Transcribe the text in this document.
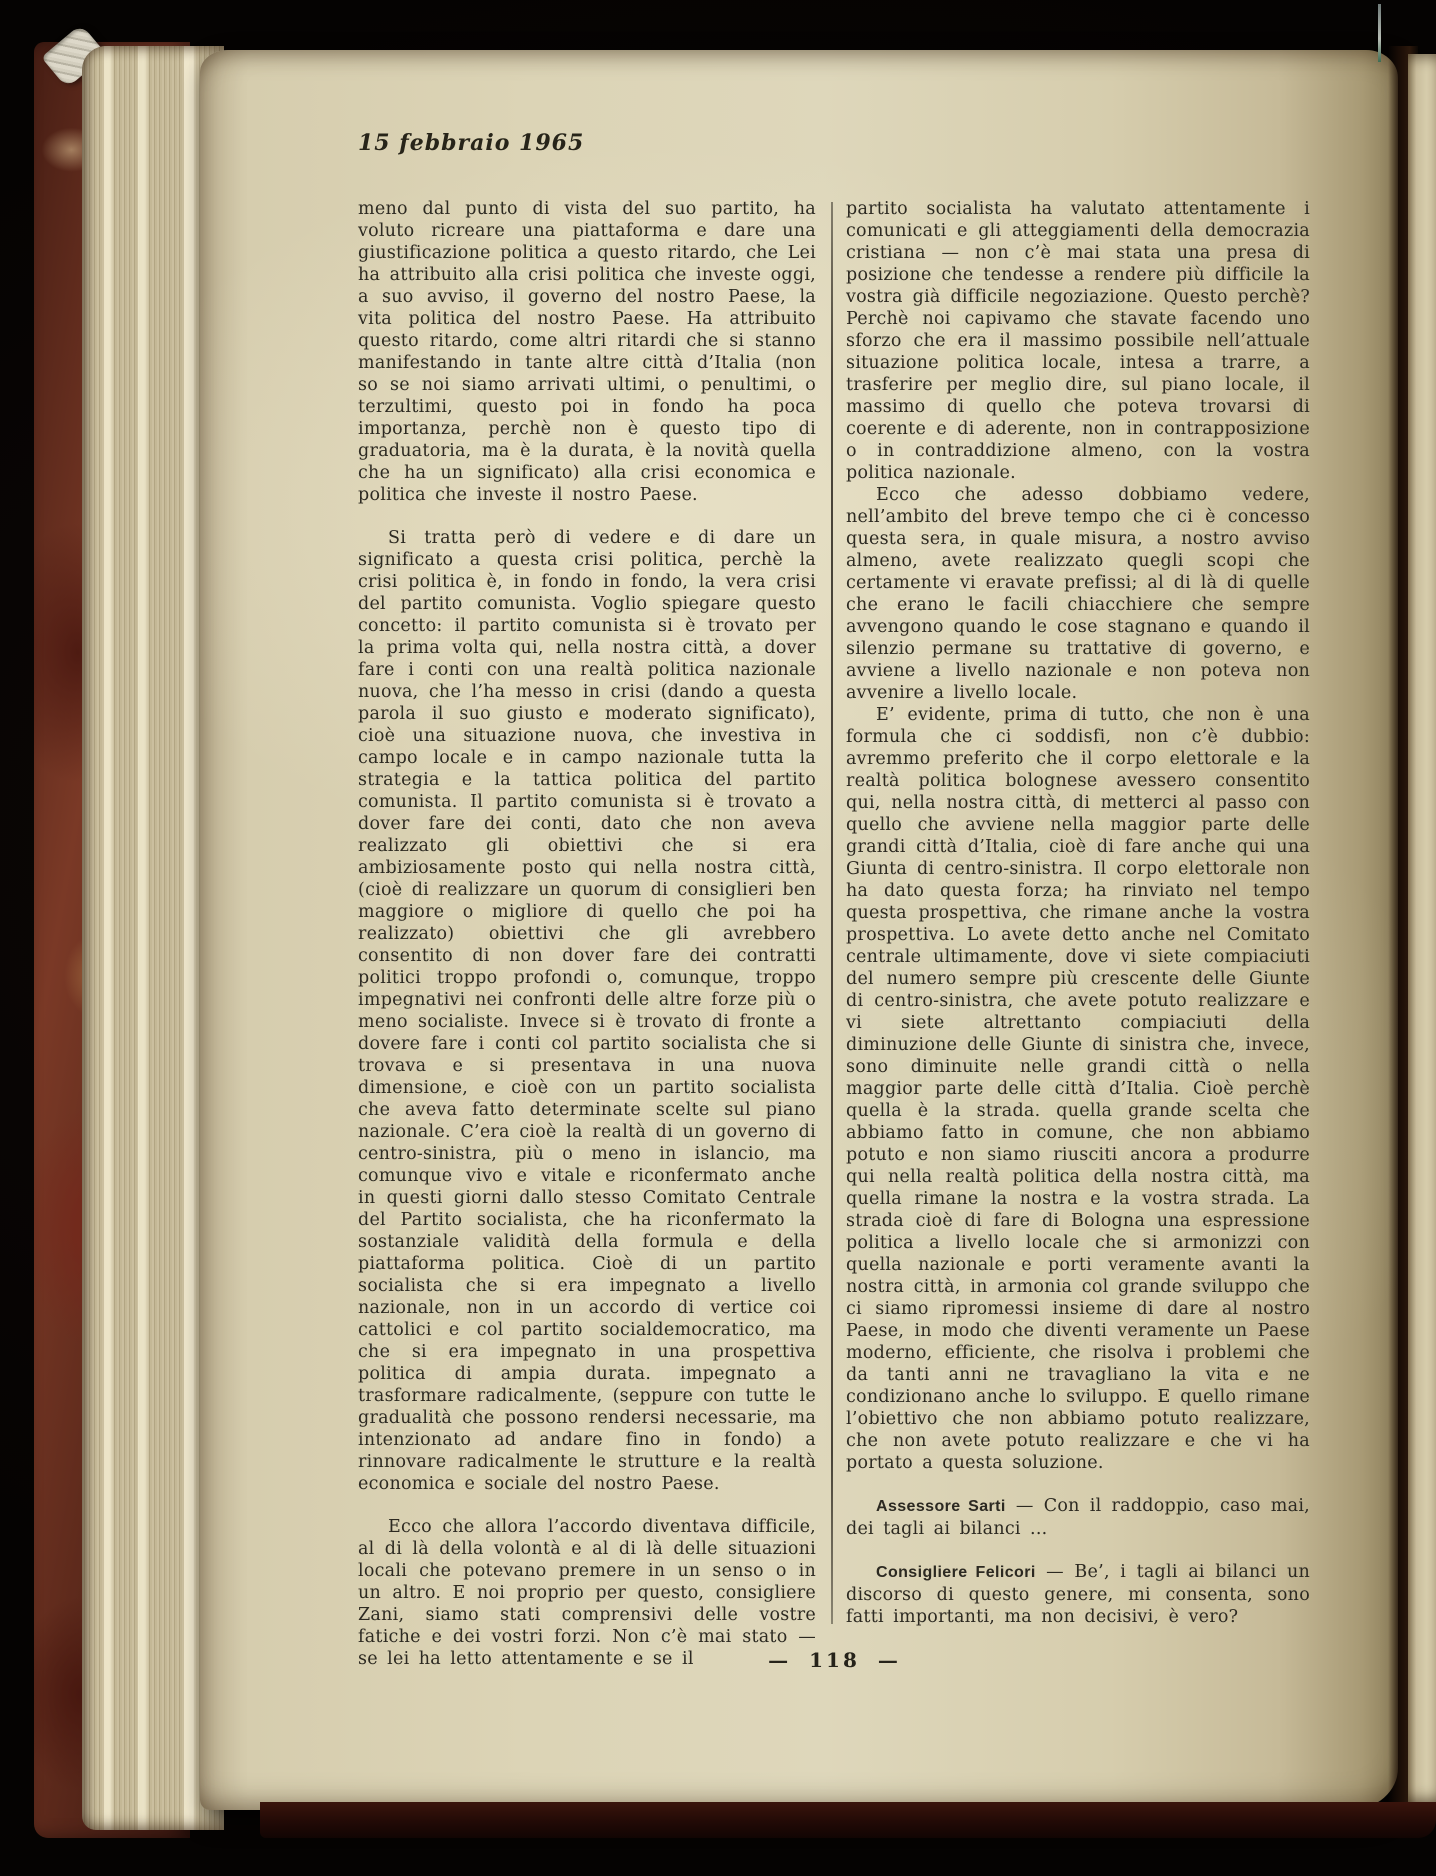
15 febbraio 1965

meno dal punto di vista del suo partito, ha voluto ricreare una piattaforma e dare una giustificazione politica a questo ritardo, che Lei ha attribuito alla crisi politica che investe oggi, a suo avviso, il governo del nostro Paese, la vita politica del nostro Paese. Ha attribuito questo ritardo, come altri ritardi che si stanno manifestando in tante altre città d’Italia (non so se noi siamo arrivati ultimi, o penultimi, o terzultimi, questo poi in fondo ha poca importanza, perchè non è questo tipo di graduatoria, ma è la durata, è la novità quella che ha un significato) alla crisi economica e politica che investe il nostro Paese.

Si tratta però di vedere e di dare un significato a questa crisi politica, perchè la crisi politica è, in fondo in fondo, la vera crisi del partito comunista. Voglio spiegare questo concetto: il partito comunista si è trovato per la prima volta qui, nella nostra città, a dover fare i conti con una realtà politica nazionale nuova, che l’ha messo in crisi (dando a questa parola il suo giusto e moderato significato), cioè una situazione nuova, che investiva in campo locale e in campo nazionale tutta la strategia e la tattica politica del partito comunista. Il partito comunista si è trovato a dover fare dei conti, dato che non aveva realizzato gli obiettivi che si era ambiziosamente posto qui nella nostra città, (cioè di realizzare un quorum di consiglieri ben maggiore o migliore di quello che poi ha realizzato) obiettivi che gli avrebbero consentito di non dover fare dei contratti politici troppo profondi o, comunque, troppo impegnativi nei confronti delle altre forze più o meno socialiste. Invece si è trovato di fronte a dovere fare i conti col partito socialista che si trovava e si presentava in una nuova dimensione, e cioè con un partito socialista che aveva fatto determinate scelte sul piano nazionale. C’era cioè la realtà di un governo di centro-sinistra, più o meno in islancio, ma comunque vivo e vitale e riconfermato anche in questi giorni dallo stesso Comitato Centrale del Partito socialista, che ha riconfermato la sostanziale validità della formula e della piattaforma politica. Cioè di un partito socialista che si era impegnato a livello nazionale, non in un accordo di vertice coi cattolici e col partito socialdemocratico, ma che si era impegnato in una prospettiva politica di ampia durata. impegnato a trasformare radicalmente, (seppure con tutte le gradualità che possono rendersi necessarie, ma intenzionato ad andare fino in fondo) a rinnovare radicalmente le strutture e la realtà economica e sociale del nostro Paese.

Ecco che allora l’accordo diventava difficile, al di là della volontà e al di là delle situazioni locali che potevano premere in un senso o in un altro. E noi proprio per questo, consigliere Zani, siamo stati comprensivi delle vostre fatiche e dei vostri forzi. Non c’è mai stato — se lei ha letto attentamente e se il

partito socialista ha valutato attentamente i comunicati e gli atteggiamenti della democrazia cristiana — non c’è mai stata una presa di posizione che tendesse a rendere più difficile la vostra già difficile negoziazione. Questo perchè? Perchè noi capivamo che stavate facendo uno sforzo che era il massimo possibile nell’attuale situazione politica locale, intesa a trarre, a trasferire per meglio dire, sul piano locale, il massimo di quello che poteva trovarsi di coerente e di aderente, non in contrapposizione o in contraddizione almeno, con la vostra politica nazionale.

Ecco che adesso dobbiamo vedere, nell’ambito del breve tempo che ci è concesso questa sera, in quale misura, a nostro avviso almeno, avete realizzato quegli scopi che certamente vi eravate prefissi; al di là di quelle che erano le facili chiacchiere che sempre avvengono quando le cose stagnano e quando il silenzio permane su trattative di governo, e avviene a livello nazionale e non poteva non avvenire a livello locale.

E’ evidente, prima di tutto, che non è una formula che ci soddisfi, non c’è dubbio: avremmo preferito che il corpo elettorale e la realtà politica bolognese avessero consentito qui, nella nostra città, di metterci al passo con quello che avviene nella maggior parte delle grandi città d’Italia, cioè di fare anche qui una Giunta di centro-sinistra. Il corpo elettorale non ha dato questa forza; ha rinviato nel tempo questa prospettiva, che rimane anche la vostra prospettiva. Lo avete detto anche nel Comitato centrale ultimamente, dove vi siete compiaciuti del numero sempre più crescente delle Giunte di centro-sinistra, che avete potuto realizzare e vi siete altrettanto compiaciuti della diminuzione delle Giunte di sinistra che, invece, sono diminuite nelle grandi città o nella maggior parte delle città d’Italia. Cioè perchè quella è la strada. quella grande scelta che abbiamo fatto in comune, che non abbiamo potuto e non siamo riusciti ancora a produrre qui nella realtà politica della nostra città, ma quella rimane la nostra e la vostra strada. La strada cioè di fare di Bologna una espressione politica a livello locale che si armonizzi con quella nazionale e porti veramente avanti la nostra città, in armonia col grande sviluppo che ci siamo ripromessi insieme di dare al nostro Paese, in modo che diventi veramente un Paese moderno, efficiente, che risolva i problemi che da tanti anni ne travagliano la vita e ne condizionano anche lo sviluppo. E quello rimane l’obiettivo che non abbiamo potuto realizzare, che non avete potuto realizzare e che vi ha portato a questa soluzione.

Assessore Sarti — Con il raddoppio, caso mai, dei tagli ai bilanci ...

Consigliere Felicori — Be’, i tagli ai bilanci un discorso di questo genere, mi consenta, sono fatti importanti, ma non decisivi, è vero?

— 118 —
